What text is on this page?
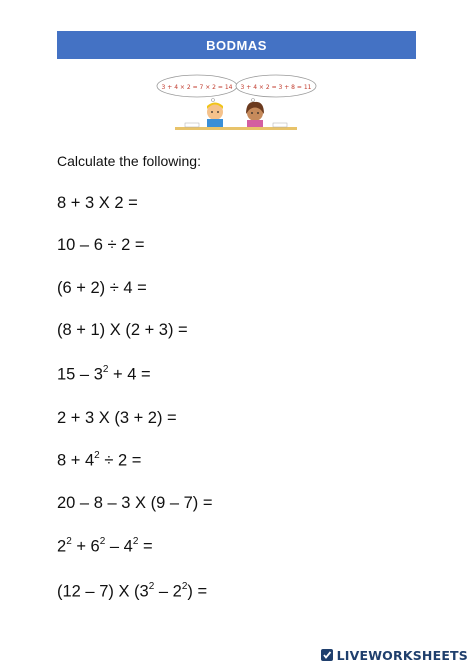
BODMAS
3 + 4 × 2 = 7 × 2 = 14 3 + 4 × 2 = 3 + 8 = 11
Calculate the following:
8 + 3 X 2 =
10 – 6 ÷ 2 =
(6 + 2) ÷ 4 =
(8 + 1) X (2 + 3) =
$15 - 3^2 + 4$ =
2 + 3 X (3 + 2) =
$8 + 4^2 \div 2$ =
20 – 8 – 3 X (9 – 7) =
$2^2 + 6^2 - 4^2$ =
(12 – 7) X $(3^2 - 2^2)$ =
LIVEWORKSHEETS
